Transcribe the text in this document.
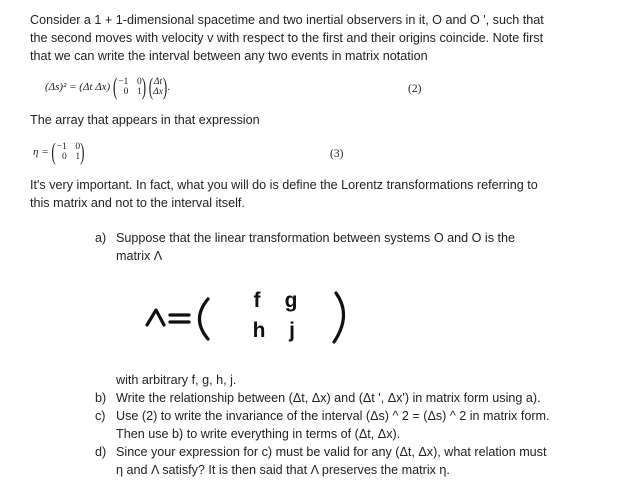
Consider a 1 + 1-dimensional spacetime and two inertial observers in it, O and O ', such that
the second moves with velocity v with respect to the first and their origins coincide. Note first
that we can write the interval between any two events in matrix notation

(Δs)² = (Δt Δx) ( −1 0
0 1 ) ( Δt
Δx ).	(2)

The array that appears in that expression

η = ( −1 0
0 1 )	(3)

It's very important. In fact, what you will do is define the Lorentz transformations referring to
this matrix and not to the interval itself.

a) Suppose that the linear transformation between systems O and O is the
matrix Λ
f g
h j
with arbitrary f, g, h, j.
b) Write the relationship between (Δt, Δx) and (Δt ', Δx') in matrix form using a).
c) Use (2) to write the invariance of the interval (Δs) ^ 2 = (Δs) ^ 2 in matrix form.
Then use b) to write everything in terms of (Δt, Δx).
d) Since your expression for c) must be valid for any (Δt, Δx), what relation must
η and Λ satisfy? It is then said that Λ preserves the matrix η.
